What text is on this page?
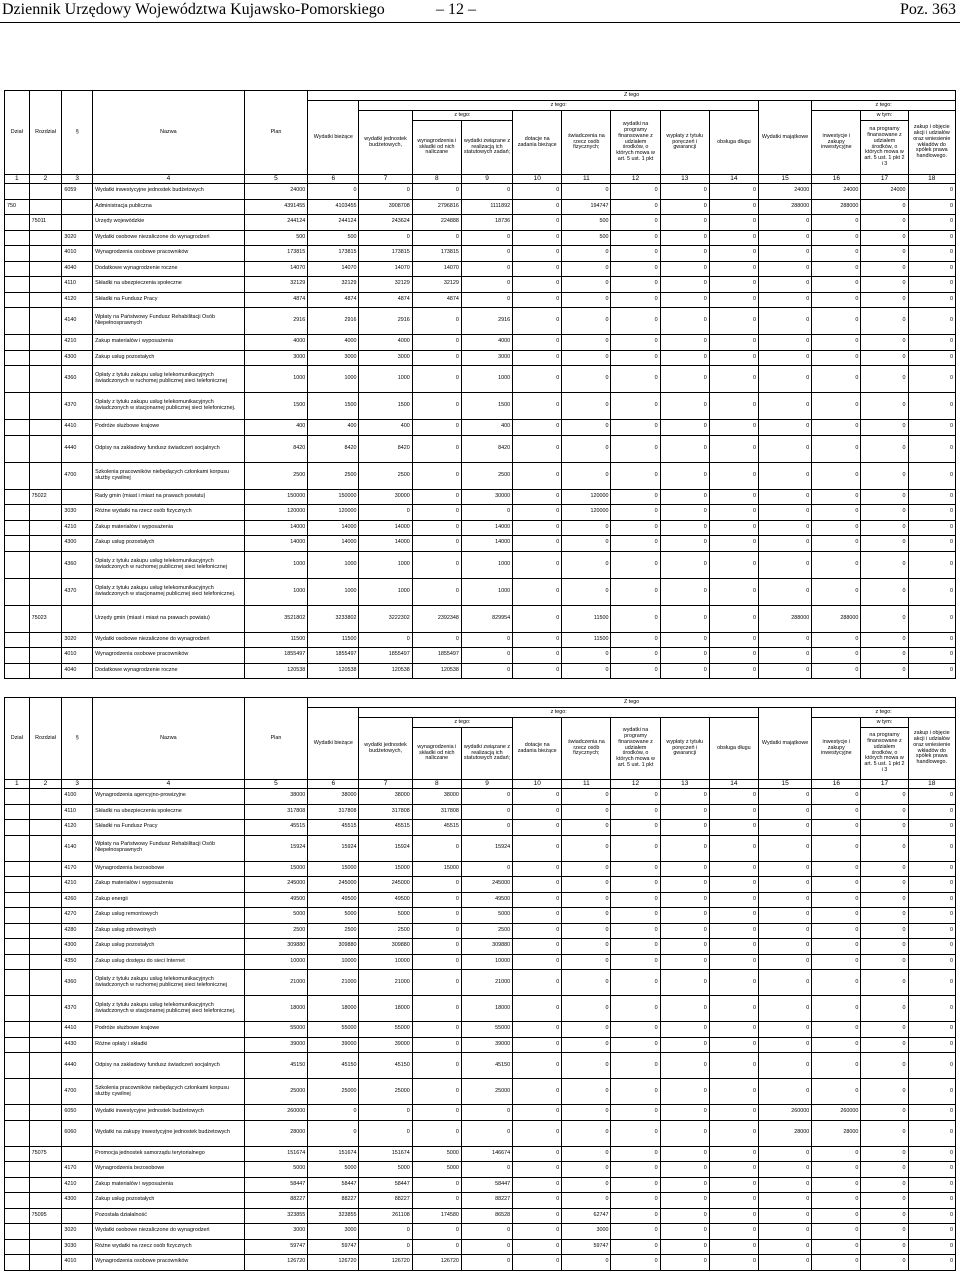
Dziennik Urzędowy Województwa Kujawsko-Pomorskiego	– 12 –	Poz. 363
Dział	Rozdział	§	Nazwa	Plan	Z tego												
					Wydatki bieżące	z tego:								Wydatki majątkowe	z tego:		
						wydatki jednostek budżetowych,	z tego:		dotacje na zadania bieżące	świadczenia na rzecz osób fizycznych;	wydatki na programy finansowane z udziałem środków, o których mowa w art. 5 ust. 1 pkt	wypłaty z tytułu poręczeń i gwarancji	obsługa długu		inwestycje i zakupy inwestycyjne	w tym:	zakup i objęcie akcji i udziałów oraz wniesienie wkładów do spółek prawa handlowego.
							wynagrodzenia i składki od nich naliczane	wydatki związane z realizacją ich statutowych zadań;								na programy finansowane z udziałem środków, o których mowa w art. 5 ust. 1 pkt 2 i 3	
1	2	3	4	5	6	7	8	9	10	11	12	13	14	15	16	17	18
		6059	Wydatki inwestycyjne jednostek budżetowych	24000	0	0	0	0	0	0	0	0	0	24000	24000	24000	0
750			Administracja publiczna	4391455	4103455	3908708	2796816	1111892	0	194747	0	0	0	288000	288000	0	0
	75011		Urzędy wojewódzkie	244124	244124	243624	224888	18736	0	500	0	0	0	0	0	0	0
		3020	Wydatki osobowe niezaliczone do wynagrodzeń	500	500	0	0	0	0	500	0	0	0	0	0	0	0
		4010	Wynagrodzenia osobowe pracowników	173815	173815	173815	173815	0	0	0	0	0	0	0	0	0	0
		4040	Dodatkowe wynagrodzenie roczne	14070	14070	14070	14070	0	0	0	0	0	0	0	0	0	0
		4110	Składki na ubezpieczenia społeczne	32129	32129	32129	32129	0	0	0	0	0	0	0	0	0	0
		4120	Składki na Fundusz Pracy	4874	4874	4874	4874	0	0	0	0	0	0	0	0	0	0
		4140	Wpłaty na Państwowy Fundusz Rehabilitacji Osób Niepełnosprawnych	2916	2916	2916	0	2916	0	0	0	0	0	0	0	0	0
		4210	Zakup materiałów i wyposażenia	4000	4000	4000	0	4000	0	0	0	0	0	0	0	0	0
		4300	Zakup usług pozostałych	3000	3000	3000	0	3000	0	0	0	0	0	0	0	0	0
		4360	Opłaty z tytułu zakupu usług telekomunikacyjnych świadczonych w ruchomej publicznej sieci telefonicznej	1000	1000	1000	0	1000	0	0	0	0	0	0	0	0	0
		4370	Opłaty z tytułu zakupu usług telekomunikacyjnych świadczonych w stacjonarnej publicznej sieci telefonicznej.	1500	1500	1500	0	1500	0	0	0	0	0	0	0	0	0
		4410	Podróże służbowe krajowe	400	400	400	0	400	0	0	0	0	0	0	0	0	0
		4440	Odpisy na zakładowy fundusz świadczeń socjalnych	8420	8420	8420	0	8420	0	0	0	0	0	0	0	0	0
		4700	Szkolenia pracowników niebędących członkami korpusu służby cywilnej	2500	2500	2500	0	2500	0	0	0	0	0	0	0	0	0
	75022		Rady gmin (miast i miast na prawach powiatu)	150000	150000	30000	0	30000	0	120000	0	0	0	0	0	0	0
		3030	Różne wydatki na rzecz osób fizycznych	120000	120000	0	0	0	0	120000	0	0	0	0	0	0	0
		4210	Zakup materiałów i wyposażenia	14000	14000	14000	0	14000	0	0	0	0	0	0	0	0	0
		4300	Zakup usług pozostałych	14000	14000	14000	0	14000	0	0	0	0	0	0	0	0	0
		4360	Opłaty z tytułu zakupu usług telekomunikacyjnych świadczonych w ruchomej publicznej sieci telefonicznej	1000	1000	1000	0	1000	0	0	0	0	0	0	0	0	0
		4370	Opłaty z tytułu zakupu usług telekomunikacyjnych świadczonych w stacjonarnej publicznej sieci telefonicznej.	1000	1000	1000	0	1000	0	0	0	0	0	0	0	0	0
	75023		Urzędy gmin (miast i miast na prawach powiatu)	3521802	3233802	3222302	2392348	829954	0	11500	0	0	0	288000	288000	0	0
		3020	Wydatki osobowe niezaliczone do wynagrodzeń	11500	11500	0	0	0	0	11500	0	0	0	0	0	0	0
		4010	Wynagrodzenia osobowe pracowników	1855497	1855497	1855497	1855497	0	0	0	0	0	0	0	0	0	0
		4040	Dodatkowe wynagrodzenie roczne	120538	120538	120538	120538	0	0	0	0	0	0	0	0	0	0
Dział	Rozdział	§	Nazwa	Plan	Z tego												
					Wydatki bieżące	z tego:								Wydatki majątkowe	z tego:		
						wydatki jednostek budżetowych,	z tego:		dotacje na zadania bieżące	świadczenia na rzecz osób fizycznych;	wydatki na programy finansowane z udziałem środków, o których mowa w art. 5 ust. 1 pkt	wypłaty z tytułu poręczeń i gwarancji	obsługa długu		inwestycje i zakupy inwestycyjne	w tym:	zakup i objęcie akcji i udziałów oraz wniesienie wkładów do spółek prawa handlowego.
							wynagrodzenia i składki od nich naliczane	wydatki związane z realizacją ich statutowych zadań;								na programy finansowane z udziałem środków, o których mowa w art. 5 ust. 1 pkt 2 i 3	
1	2	3	4	5	6	7	8	9	10	11	12	13	14	15	16	17	18
		4100	Wynagrodzenia agencyjno-prowizyjne	38000	38000	38000	38000	0	0	0	0	0	0	0	0	0	0
		4110	Składki na ubezpieczenia społeczne	317808	317808	317808	317808	0	0	0	0	0	0	0	0	0	0
		4120	Składki na Fundusz Pracy	45515	45515	45515	45515	0	0	0	0	0	0	0	0	0	0
		4140	Wpłaty na Państwowy Fundusz Rehabilitacji Osób Niepełnosprawnych	15924	15924	15924	0	15924	0	0	0	0	0	0	0	0	0
		4170	Wynagrodzenia bezosobowe	15000	15000	15000	15000	0	0	0	0	0	0	0	0	0	0
		4210	Zakup materiałów i wyposażenia	245000	245000	245000	0	245000	0	0	0	0	0	0	0	0	0
		4260	Zakup energii	49500	49500	49500	0	49500	0	0	0	0	0	0	0	0	0
		4270	Zakup usług remontowych	5000	5000	5000	0	5000	0	0	0	0	0	0	0	0	0
		4280	Zakup usług zdrowotnych	2500	2500	2500	0	2500	0	0	0	0	0	0	0	0	0
		4300	Zakup usług pozostałych	309880	309880	309880	0	309880	0	0	0	0	0	0	0	0	0
		4350	Zakup usług dostępu do sieci Internet	10000	10000	10000	0	10000	0	0	0	0	0	0	0	0	0
		4360	Opłaty z tytułu zakupu usług telekomunikacyjnych świadczonych w ruchomej publicznej sieci telefonicznej	21000	21000	21000	0	21000	0	0	0	0	0	0	0	0	0
		4370	Opłaty z tytułu zakupu usług telekomunikacyjnych świadczonych w stacjonarnej publicznej sieci telefonicznej.	18000	18000	18000	0	18000	0	0	0	0	0	0	0	0	0
		4410	Podróże służbowe krajowe	55000	55000	55000	0	55000	0	0	0	0	0	0	0	0	0
		4430	Różne opłaty i składki	39000	39000	39000	0	39000	0	0	0	0	0	0	0	0	0
		4440	Odpisy na zakładowy fundusz świadczeń socjalnych	45150	45150	45150	0	45150	0	0	0	0	0	0	0	0	0
		4700	Szkolenia pracowników niebędących członkami korpusu służby cywilnej	25000	25000	25000	0	25000	0	0	0	0	0	0	0	0	0
		6050	Wydatki inwestycyjne jednostek budżetowych	260000	0	0	0	0	0	0	0	0	0	260000	260000	0	0
		6060	Wydatki na zakupy inwestycyjne jednostek budżetowych	28000	0	0	0	0	0	0	0	0	0	28000	28000	0	0
	75075		Promocja jednostek samorządu terytorialnego	151674	151674	151674	5000	146674	0	0	0	0	0	0	0	0	0
		4170	Wynagrodzenia bezosobowe	5000	5000	5000	5000	0	0	0	0	0	0	0	0	0	0
		4210	Zakup materiałów i wyposażenia	58447	58447	58447	0	58447	0	0	0	0	0	0	0	0	0
		4300	Zakup usług pozostałych	88227	88227	88227	0	88227	0	0	0	0	0	0	0	0	0
	75095		Pozostała działalność	323855	323855	261108	174580	86528	0	62747	0	0	0	0	0	0	0
		3020	Wydatki osobowe niezaliczone do wynagrodzeń	3000	3000	0	0	0	0	3000	0	0	0	0	0	0	0
		3030	Różne wydatki na rzecz osób fizycznych	59747	59747	0	0	0	0	59747	0	0	0	0	0	0	0
		4010	Wynagrodzenia osobowe pracowników	126720	126720	126720	126720	0	0	0	0	0	0	0	0	0	0
